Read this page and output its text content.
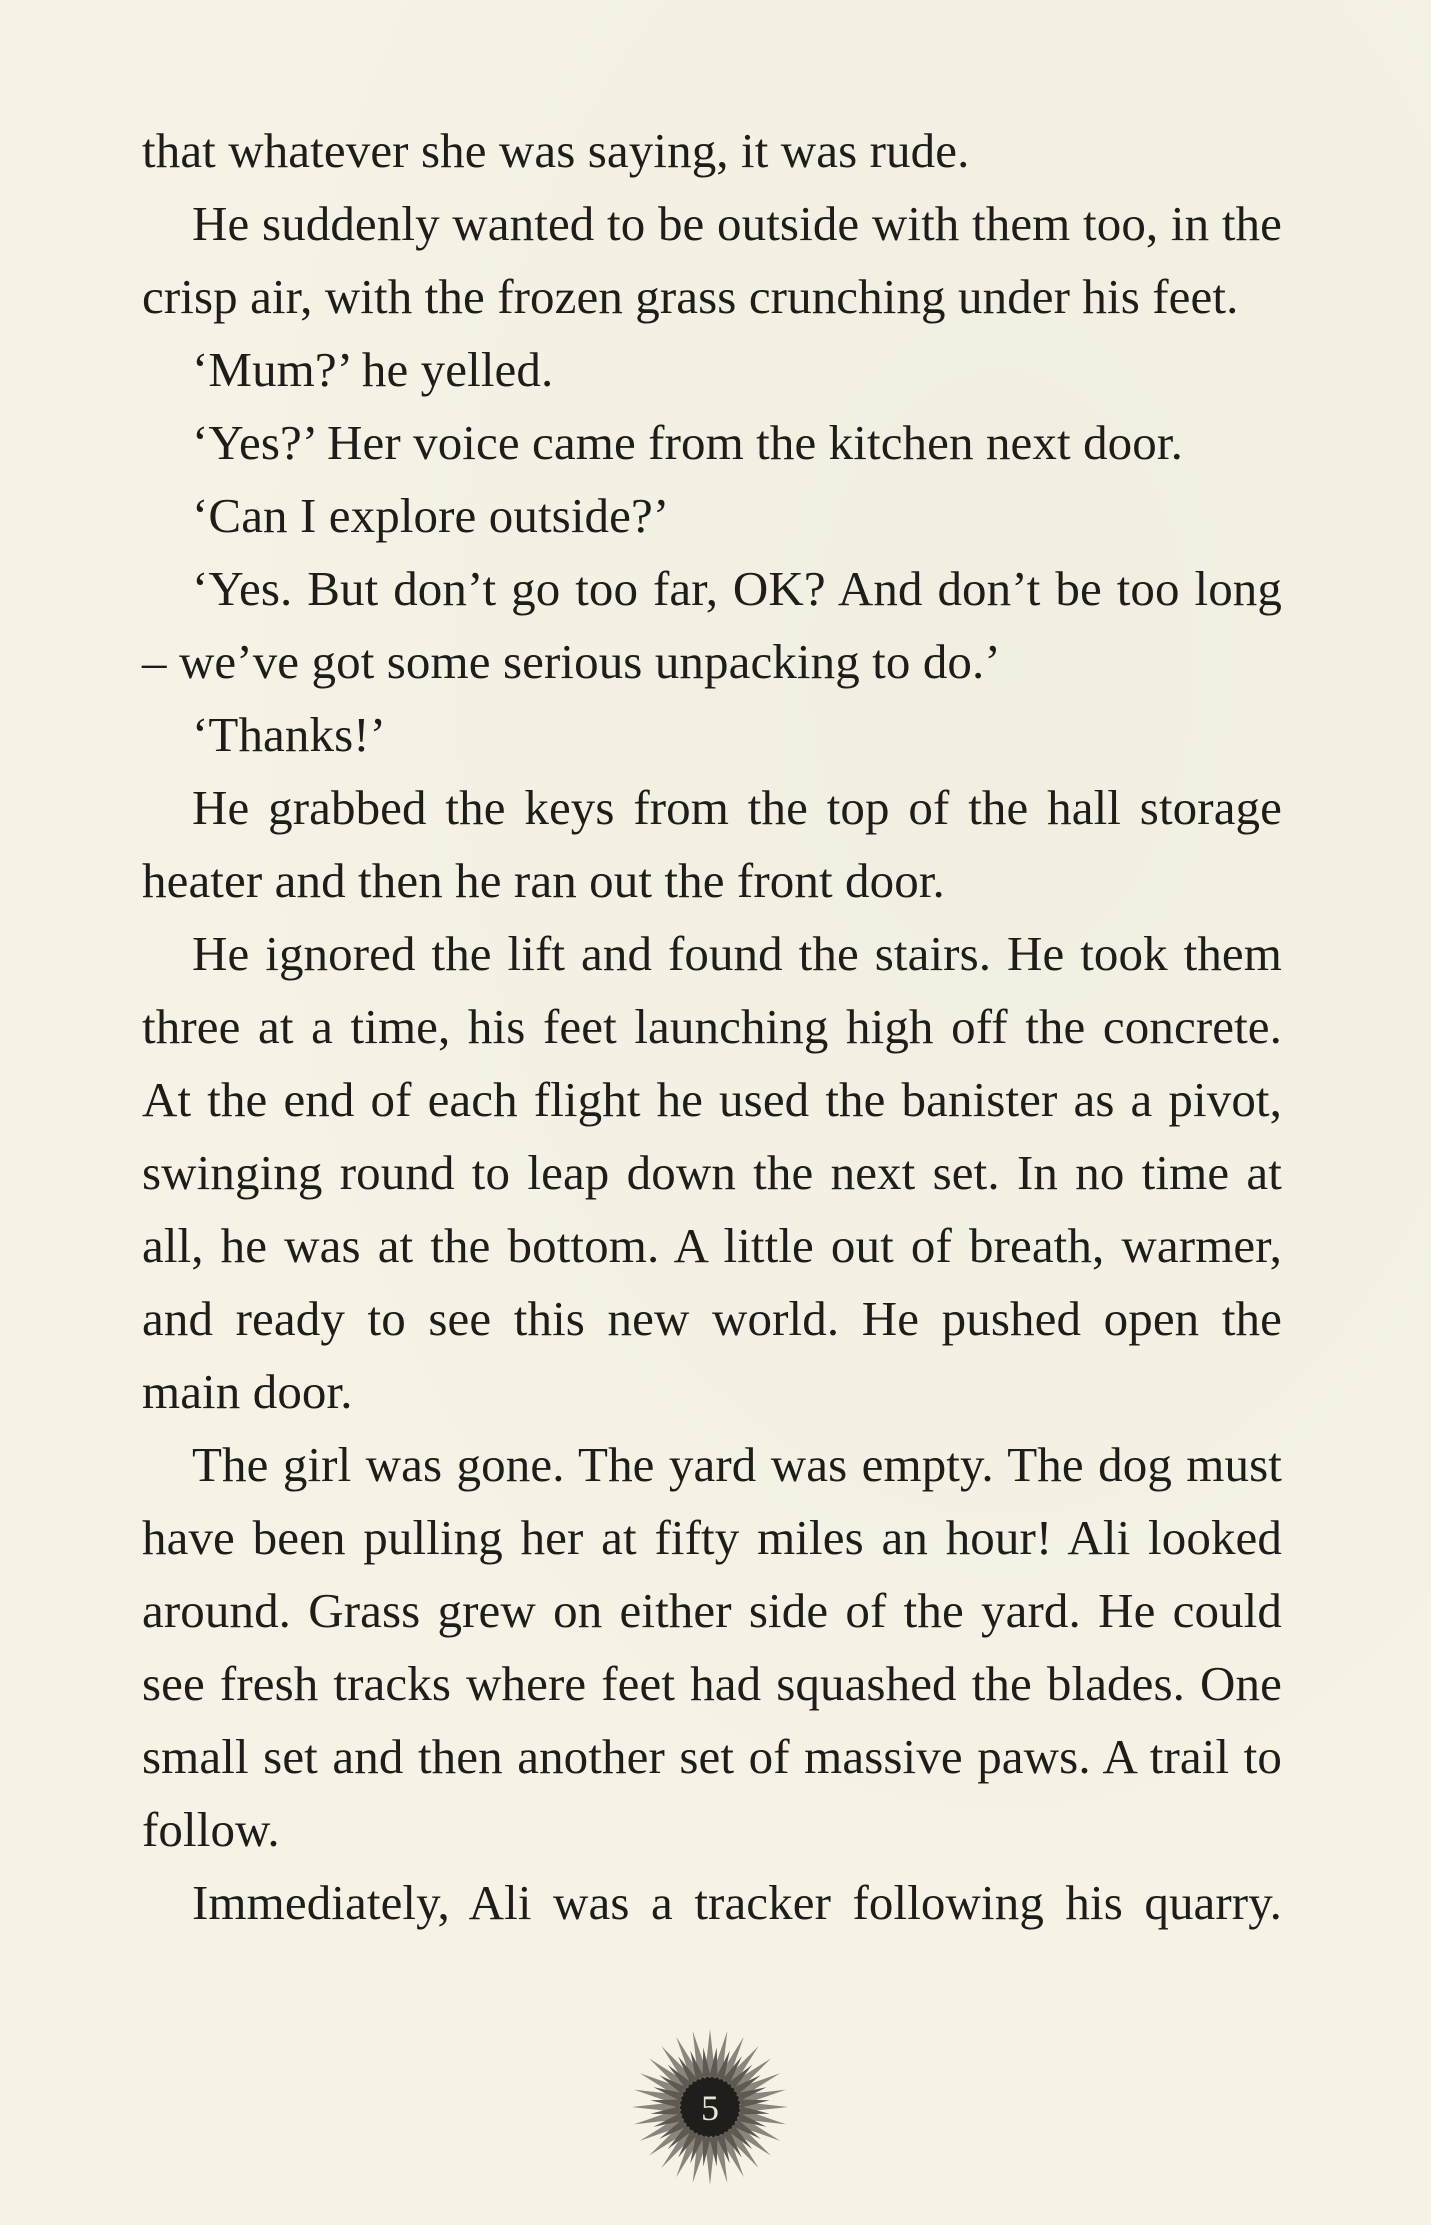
that whatever she was saying, it was rude.

He suddenly wanted to be outside with them too, in the crisp air, with the frozen grass crunching under his feet.

‘Mum?’ he yelled.

‘Yes?’ Her voice came from the kitchen next door.

‘Can I explore outside?’

‘Yes. But don’t go too far, OK? And don’t be too long – we’ve got some serious unpacking to do.’

‘Thanks!’

He grabbed the keys from the top of the hall storage heater and then he ran out the front door.

He ignored the lift and found the stairs. He took them three at a time, his feet launching high off the concrete. At the end of each flight he used the banister as a pivot, swinging round to leap down the next set. In no time at all, he was at the bottom. A little out of breath, warmer, and ready to see this new world. He pushed open the main door.

The girl was gone. The yard was empty. The dog must have been pulling her at fifty miles an hour! Ali looked around. Grass grew on either side of the yard. He could see fresh tracks where feet had squashed the blades. One small set and then another set of massive paws. A trail to follow.

Immediately, Ali was a tracker following his quarry.

5
